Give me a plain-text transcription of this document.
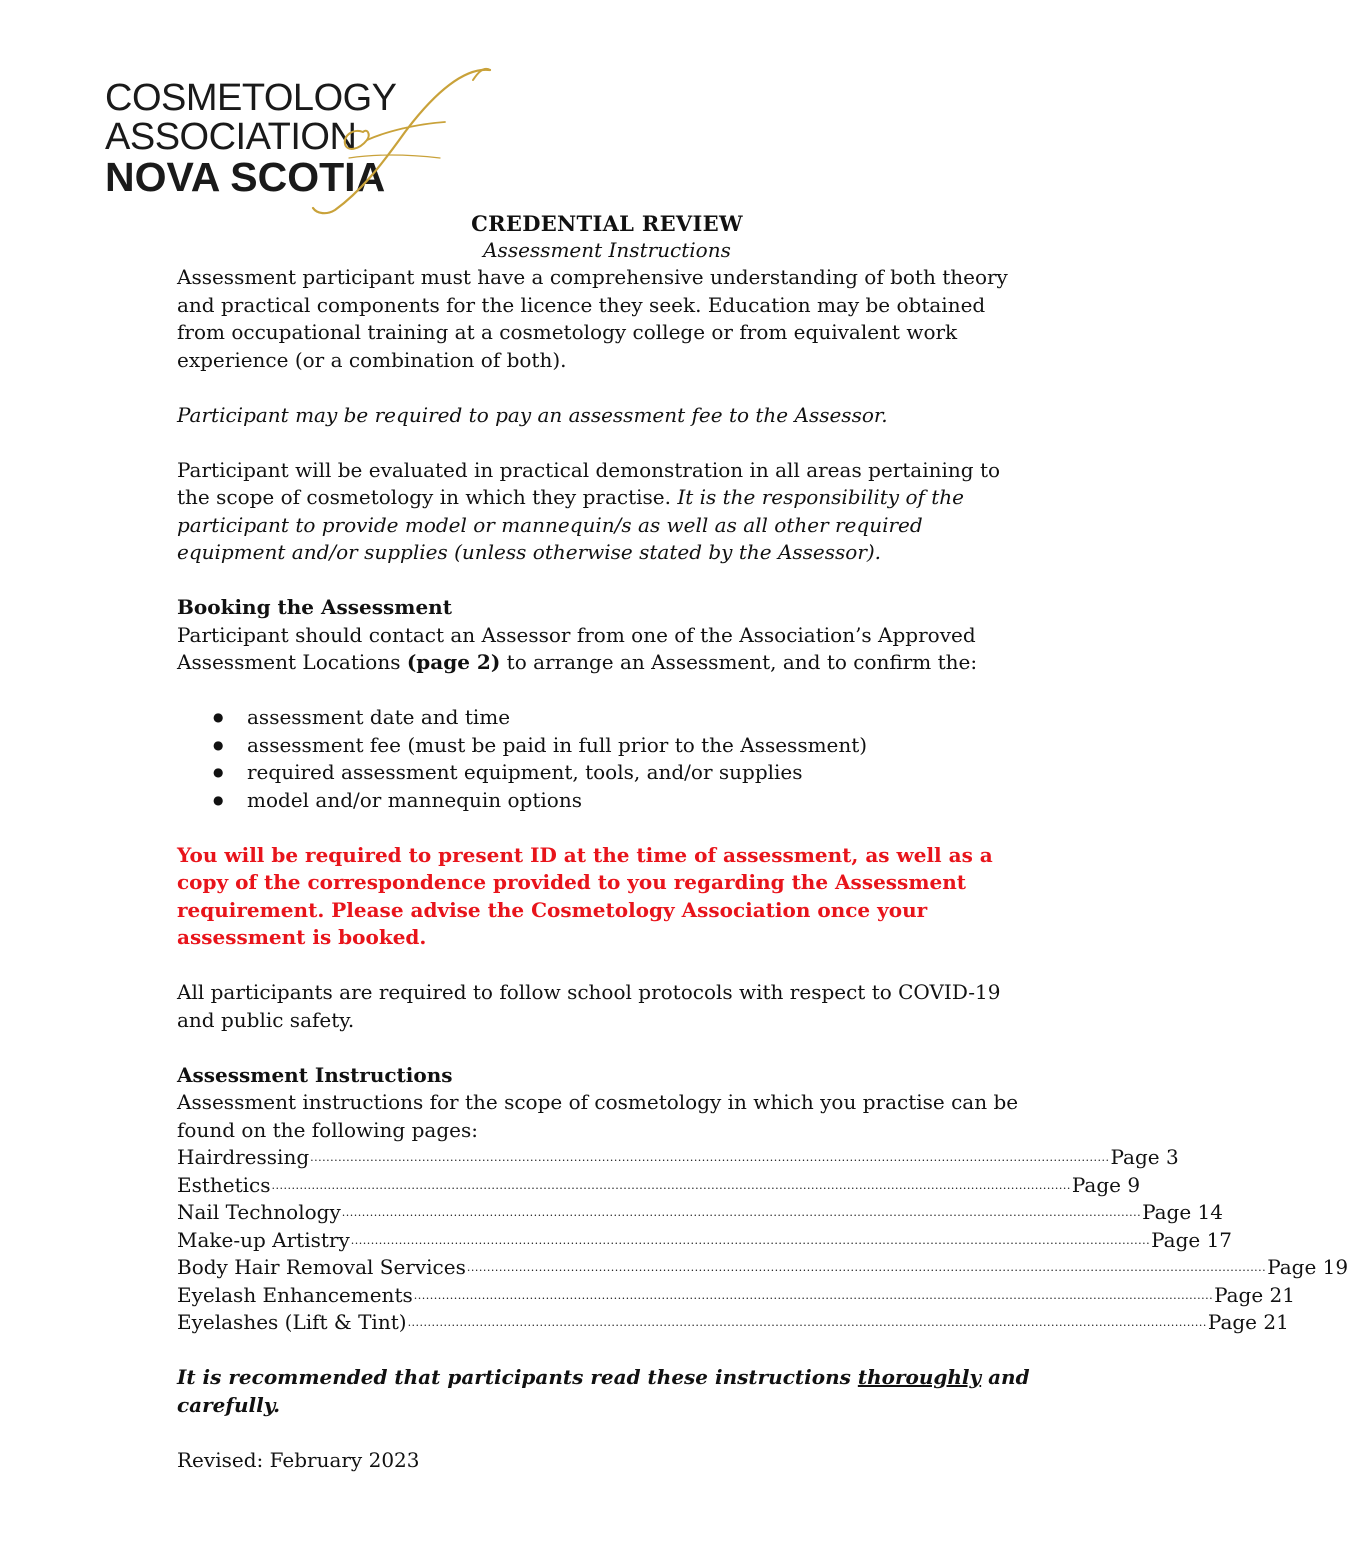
COSMETOLOGY
ASSOCIATION
NOVA SCOTIA
CREDENTIAL REVIEW
Assessment Instructions

Assessment participant must have a comprehensive understanding of both theory and practical components for the licence they seek. Education may be obtained from occupational training at a cosmetology college or from equivalent work experience (or a combination of both).

Participant may be required to pay an assessment fee to the Assessor.

Participant will be evaluated in practical demonstration in all areas pertaining to the scope of cosmetology in which they practise. It is the responsibility of the participant to provide model or mannequin/s as well as all other required equipment and/or supplies (unless otherwise stated by the Assessor).

Booking the Assessment

Participant should contact an Assessor from one of the Association’s Approved Assessment Locations (page 2) to arrange an Assessment, and to confirm the:

● assessment date and time
● assessment fee (must be paid in full prior to the Assessment)
● required assessment equipment, tools, and/or supplies
● model and/or mannequin options

You will be required to present ID at the time of assessment, as well as a copy of the correspondence provided to you regarding the Assessment requirement. Please advise the Cosmetology Association once your assessment is booked.

All participants are required to follow school protocols with respect to COVID-19 and public safety.

Assessment Instructions

Assessment instructions for the scope of cosmetology in which you practise can be found on the following pages:

Hairdressing ........................................................................................................................................................................................................ Page 3
Esthetics ........................................................................................................................................................................................................ Page 9
Nail Technology ........................................................................................................................................................................................................ Page 14
Make-up Artistry ........................................................................................................................................................................................................ Page 17
Body Hair Removal Services ........................................................................................................................................................................................................ Page 19
Eyelash Enhancements ........................................................................................................................................................................................................ Page 21
Eyelashes (Lift & Tint) ........................................................................................................................................................................................................ Page 21

It is recommended that participants read these instructions thoroughly and carefully.

Revised: February 2023
